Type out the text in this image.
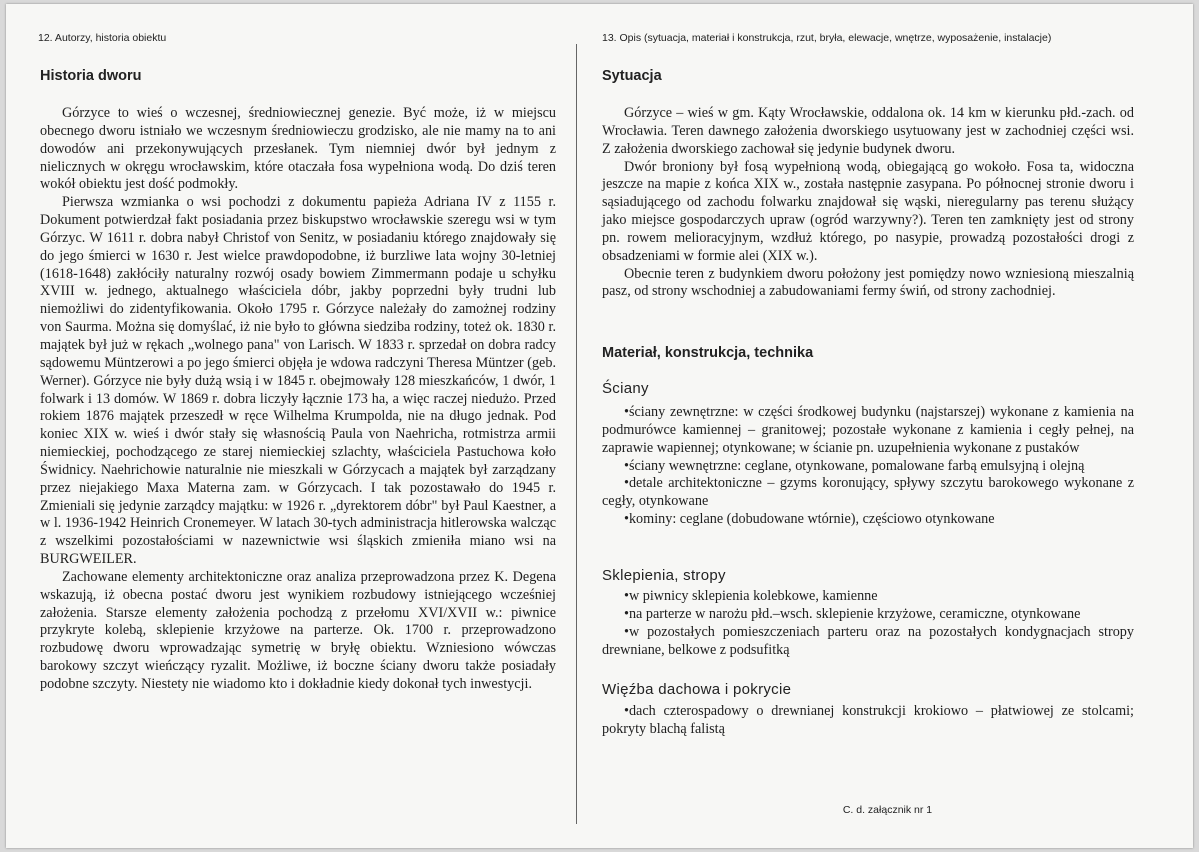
12. Autorzy, historia obiektu
Historia dworu

Górzyce to wieś o wczesnej, średniowiecznej genezie. Być może, iż w miejscu obecnego dworu istniało we wczesnym średniowieczu grodzisko, ale nie mamy na to ani dowodów ani przekonywujących przesłanek. Tym niemniej dwór był jednym z nielicznych w okręgu wrocławskim, które otaczała fosa wypełniona wodą. Do dziś teren wokół obiektu jest dość podmokły.

Pierwsza wzmianka o wsi pochodzi z dokumentu papieża Adriana IV z 1155 r. Dokument potwierdzał fakt posiadania przez biskupstwo wrocławskie szeregu wsi w tym Górzyc. W 1611 r. dobra nabył Christof von Senitz, w posiadaniu którego znajdowały się do jego śmierci w 1630 r. Jest wielce prawdopodobne, iż burzliwe lata wojny 30-letniej (1618-1648) zakłóciły naturalny rozwój osady bowiem Zimmermann podaje u schyłku XVIII w. jednego, aktualnego właściciela dóbr, jakby poprzedni były trudni lub niemożliwi do zidentyfikowania. Około 1795 r. Górzyce należały do zamożnej rodziny von Saurma. Można się domyślać, iż nie było to główna siedziba rodziny, toteż ok. 1830 r. majątek był już w rękach „wolnego pana" von Larisch. W 1833 r. sprzedał on dobra radcy sądowemu Müntzerowi a po jego śmierci objęła je wdowa radczyni Theresa Müntzer (geb. Werner). Górzyce nie były dużą wsią i w 1845 r. obejmowały 128 mieszkańców, 1 dwór, 1 folwark i 13 domów. W 1869 r. dobra liczyły łącznie 173 ha, a więc raczej niedużo. Przed rokiem 1876 majątek przeszedł w ręce Wilhelma Krumpolda, nie na długo jednak. Pod koniec XIX w. wieś i dwór stały się własnością Paula von Naehricha, rotmistrza armii niemieckiej, pochodzącego ze starej niemieckiej szlachty, właściciela Pastuchowa koło Świdnicy. Naehrichowie naturalnie nie mieszkali w Górzycach a majątek był zarządzany przez niejakiego Maxa Materna zam. w Górzycach. I tak pozostawało do 1945 r. Zmieniali się jedynie zarządcy majątku: w 1926 r. „dyrektorem dóbr" był Paul Kaestner, a w l. 1936-1942 Heinrich Cronemeyer. W latach 30-tych administracja hitlerowska walcząc z wszelkimi pozostałościami w nazewnictwie wsi śląskich zmieniła miano wsi na BURGWEILER.

Zachowane elementy architektoniczne oraz analiza przeprowadzona przez K. Degena wskazują, iż obecna postać dworu jest wynikiem rozbudowy istniejącego wcześniej założenia. Starsze elementy założenia pochodzą z przełomu XVI/XVII w.: piwnice przykryte kolebą, sklepienie krzyżowe na parterze. Ok. 1700 r. przeprowadzono rozbudowę dworu wprowadzając symetrię w bryłę obiektu. Wzniesiono wówczas barokowy szczyt wieńczący ryzalit. Możliwe, iż boczne ściany dworu także posiadały podobne szczyty. Niestety nie wiadomo kto i dokładnie kiedy dokonał tych inwestycji.

13. Opis (sytuacja, materiał i konstrukcja, rzut, bryła, elewacje, wnętrze, wyposażenie, instalacje)
Sytuacja

Górzyce – wieś w gm. Kąty Wrocławskie, oddalona ok. 14 km w kierunku płd.-zach. od Wrocławia. Teren dawnego założenia dworskiego usytuowany jest w zachodniej części wsi. Z założenia dworskiego zachował się jedynie budynek dworu.

Dwór broniony był fosą wypełnioną wodą, obiegającą go wokoło. Fosa ta, widoczna jeszcze na mapie z końca XIX w., została następnie zasypana. Po północnej stronie dworu i sąsiadującego od zachodu folwarku znajdował się wąski, nieregularny pas terenu służący jako miejsce gospodarczych upraw (ogród warzywny?). Teren ten zamknięty jest od strony pn. rowem melioracyjnym, wzdłuż którego, po nasypie, prowadzą pozostałości drogi z obsadzeniami w formie alei (XIX w.).

Obecnie teren z budynkiem dworu położony jest pomiędzy nowo wzniesioną mieszalnią pasz, od strony wschodniej a zabudowaniami fermy świń, od strony zachodniej.

Materiał, konstrukcja, technika
Ściany

•ściany zewnętrzne: w części środkowej budynku (najstarszej) wykonane z kamienia na podmurówce kamiennej – granitowej; pozostałe wykonane z kamienia i cegły pełnej, na zaprawie wapiennej; otynkowane; w ścianie pn. uzupełnienia wykonane z pustaków

•ściany wewnętrzne: ceglane, otynkowane, pomalowane farbą emulsyjną i olejną

•detale architektoniczne – gzyms koronujący, spływy szczytu barokowego wykonane z cegły, otynkowane

•kominy: ceglane (dobudowane wtórnie), częściowo otynkowane

Sklepienia, stropy

•w piwnicy sklepienia kolebkowe, kamienne

•na parterze w narożu płd.–wsch. sklepienie krzyżowe, ceramiczne, otynkowane

•w pozostałych pomieszczeniach parteru oraz na pozostałych kondygnacjach stropy drewniane, belkowe z podsufitką

Więźba dachowa i pokrycie

•dach czterospadowy o drewnianej konstrukcji krokiowo – płatwiowej ze stolcami; pokryty blachą falistą

C. d. załącznik nr 1
